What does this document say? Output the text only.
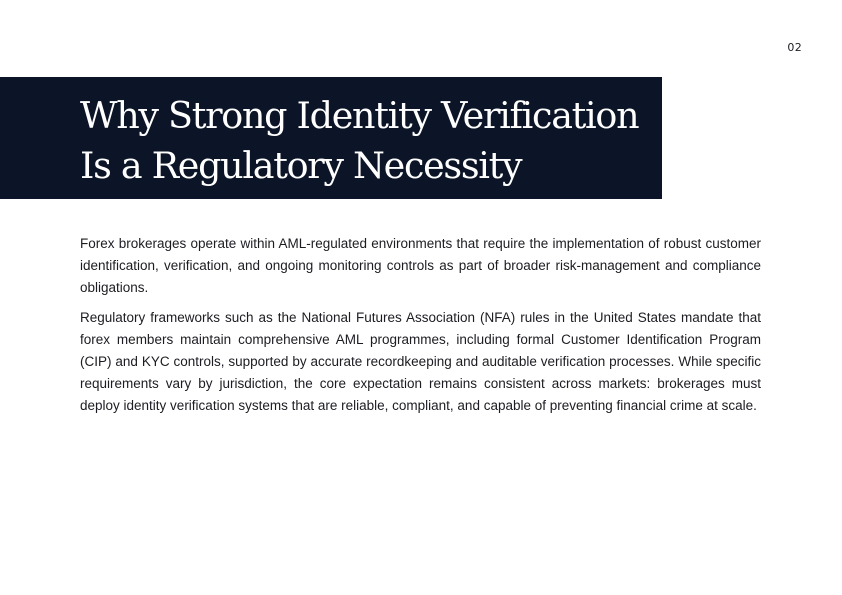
02
Why Strong Identity Verification
Is a Regulatory Necessity

Forex brokerages operate within AML-regulated environments that require the implementation of robust customer identification, verification, and ongoing monitoring controls as part of broader risk-management and compliance obligations.

Regulatory frameworks such as the National Futures Association (NFA) rules in the United States mandate that forex members maintain comprehensive AML programmes, including formal Customer Identification Program (CIP) and KYC controls, supported by accurate recordkeeping and auditable verification processes. While specific requirements vary by jurisdiction, the core expectation remains consistent across markets: brokerages must deploy identity verification systems that are reliable, compliant, and capable of preventing financial crime at scale.
